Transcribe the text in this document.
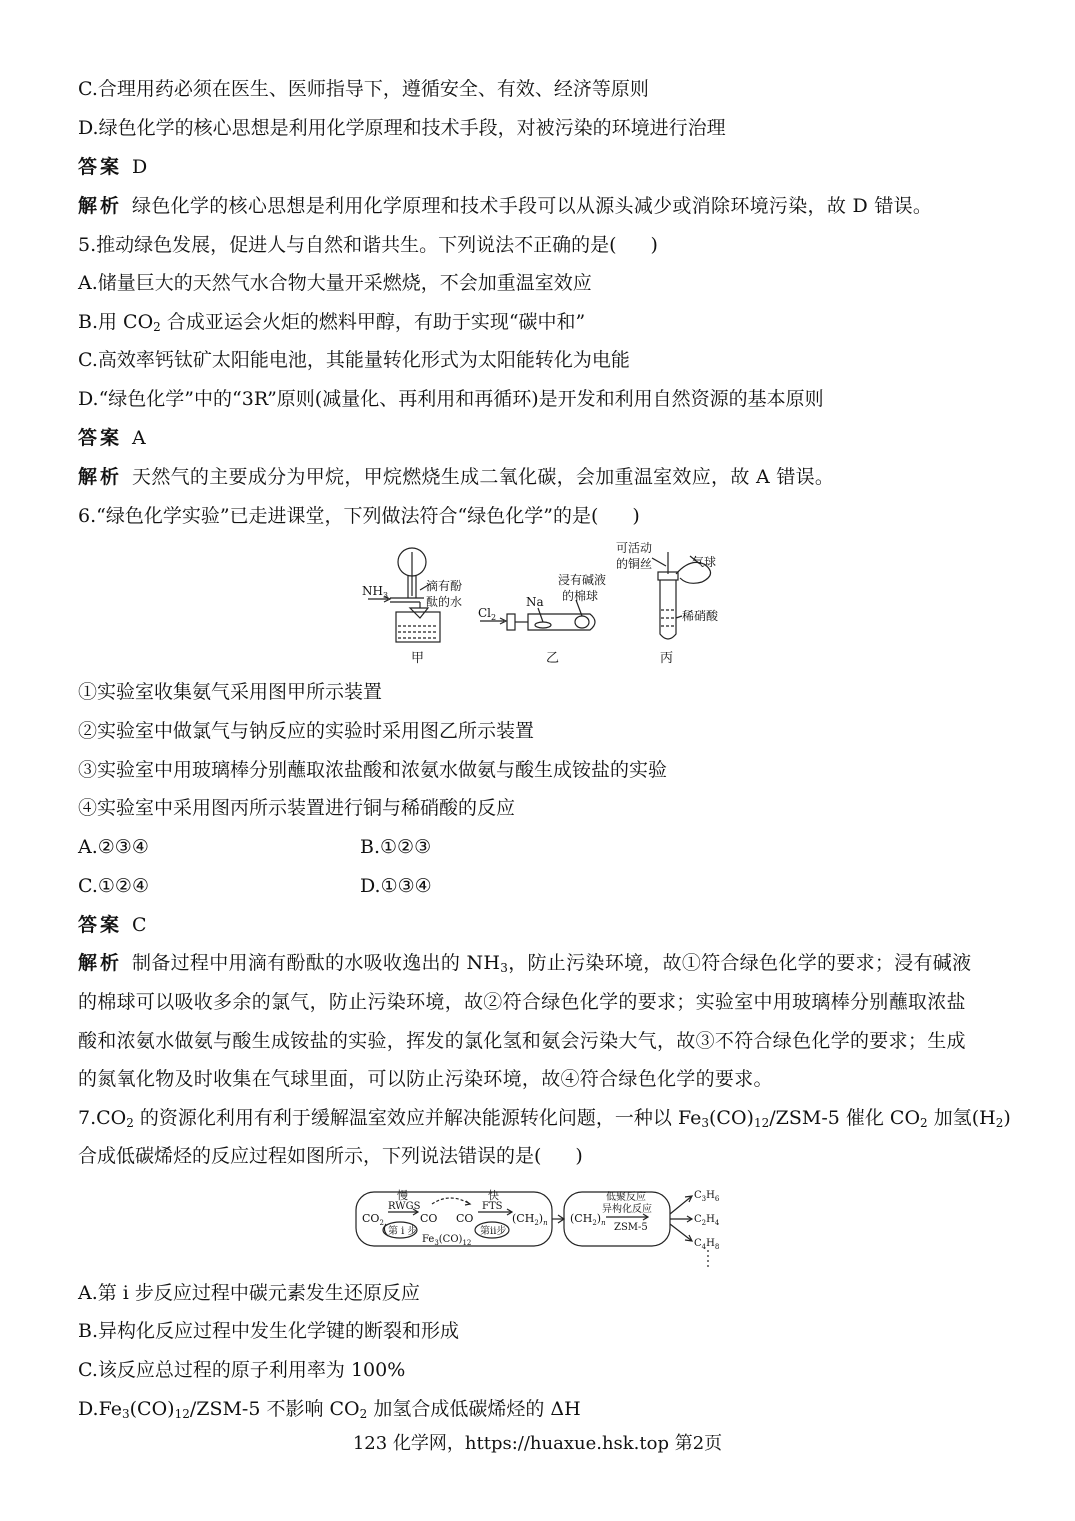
C.合理用药必须在医生、医师指导下，遵循安全、有效、经济等原则
D.绿色化学的核心思想是利用化学原理和技术手段，对被污染的环境进行治理
答案 D
解析 绿色化学的核心思想是利用化学原理和技术手段可以从源头减少或消除环境污染，故 D 错误。
5.推动绿色发展，促进人与自然和谐共生。下列说法不正确的是( )
A.储量巨大的天然气水合物大量开采燃烧，不会加重温室效应
B.用 $CO_2$ 合成亚运会火炬的燃料甲醇，有助于实现“碳中和”
C.高效率钙钛矿太阳能电池，其能量转化形式为太阳能转化为电能
D.“绿色化学”中的“3R”原则(减量化、再利用和再循环)是开发和利用自然资源的基本原则
答案 A
解析 天然气的主要成分为甲烷，甲烷燃烧生成二氧化碳，会加重温室效应，故 A 错误。
6.“绿色化学实验”已走进课堂，下列做法符合“绿色化学”的是( )
$NH_3$
滴有酚
酞的水
甲
$Cl_2$
Na
浸有碱液
的棉球
乙
可活动
的铜丝	气球
稀硝酸
丙
①实验室收集氨气采用图甲所示装置
②实验室中做氯气与钠反应的实验时采用图乙所示装置
③实验室中用玻璃棒分别蘸取浓盐酸和浓氨水做氨与酸生成铵盐的实验
④实验室中采用图丙所示装置进行铜与稀硝酸的反应
A.②③④	B.①②③
C.①②④	D.①③④
答案 C
解析 制备过程中用滴有酚酞的水吸收逸出的 $NH_3$，防止污染环境，故①符合绿色化学的要求；浸有碱液
的棉球可以吸收多余的氯气，防止污染环境，故②符合绿色化学的要求；实验室中用玻璃棒分别蘸取浓盐
酸和浓氨水做氨与酸生成铵盐的实验，挥发的氯化氢和氨会污染大气，故③不符合绿色化学的要求；生成
的氮氧化物及时收集在气球里面，可以防止污染环境，故④符合绿色化学的要求。
$7.CO_2$ 的资源化利用有利于缓解温室效应并解决能源转化问题，一种以 $Fe_3(CO)_{12}/ZSM-5$ 催化 $CO_2$ 加氢$(H_2)$
合成低碳烯烃的反应过程如图所示，下列说法错误的是( )
慢	快
RWGS	FTS
$CO_2$	CO CO	$(CH_2)_n$
第 i 步	第ii步
$Fe_3(CO)_{12}$
$(CH_2)_n$
低聚反应
异构化反应
ZSM-5
$C_3H_6$
$C_2H_4$
$C_4H_8$
A.第 i 步反应过程中碳元素发生还原反应
B.异构化反应过程中发生化学键的断裂和形成
C.该反应总过程的原子利用率为 100%
$D.Fe_3(CO)_{12}/ZSM-5$ 不影响 $CO_2$ 加氢合成低碳烯烃的 ΔH
123 化学网，https://huaxue.hsk.top 第2页
